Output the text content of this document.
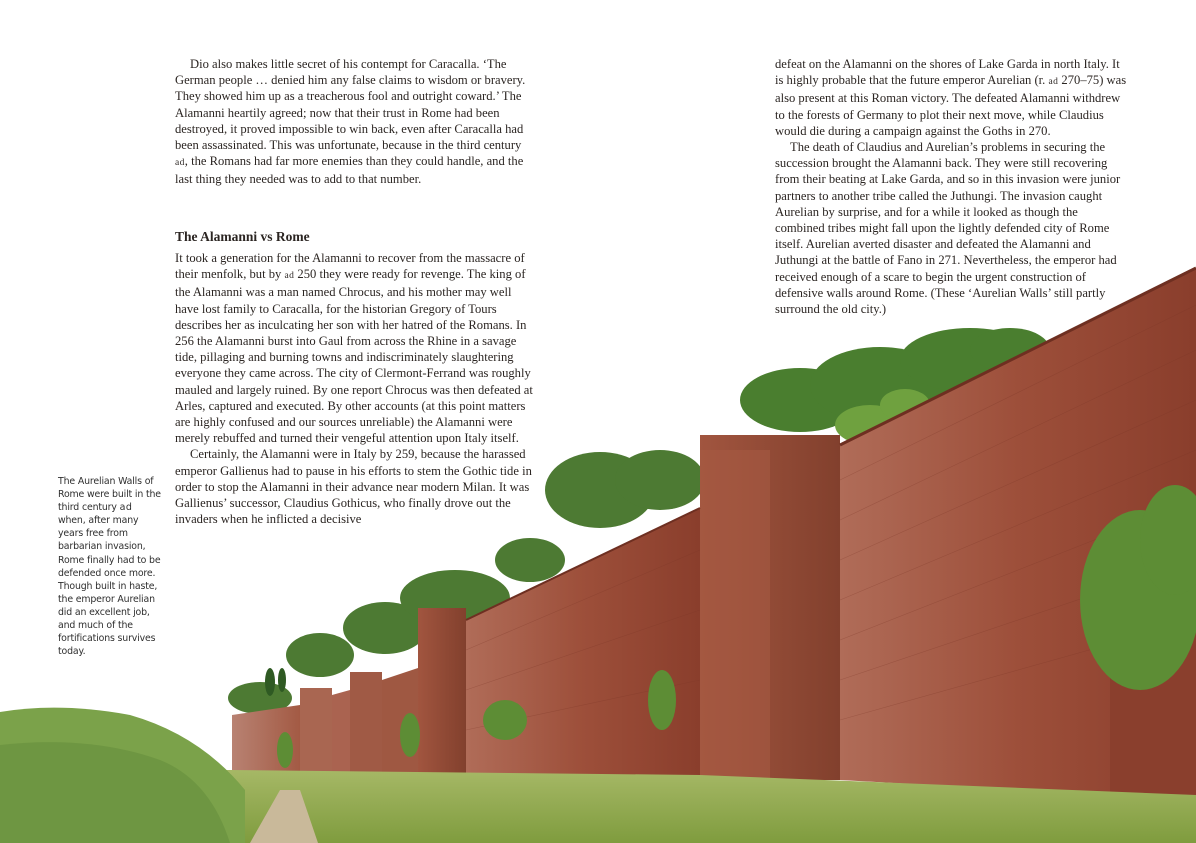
Dio also makes little secret of his contempt for Caracalla. ‘The German people … denied him any false claims to wisdom or bravery. They showed him up as a treacherous fool and outright coward.’ The Alamanni heartily agreed; now that their trust in Rome had been destroyed, it proved impossible to win back, even after Caracalla had been assassinated. This was unfortunate, because in the third century ad, the Romans had far more enemies than they could handle, and the last thing they needed was to add to that number.

The Alamanni vs Rome

It took a generation for the Alamanni to recover from the massacre of their menfolk, but by ad 250 they were ready for revenge. The king of the Alamanni was a man named Chrocus, and his mother may well have lost family to Caracalla, for the historian Gregory of Tours describes her as inculcating her son with her hatred of the Romans. In 256 the Alamanni burst into Gaul from across the Rhine in a savage tide, pillaging and burning towns and indiscriminately slaughtering everyone they came across. The city of Clermont-Ferrand was roughly mauled and largely ruined. By one report Chrocus was then defeated at Arles, captured and executed. By other accounts (at this point matters are highly confused and our sources unreliable) the Alamanni were merely rebuffed and turned their vengeful attention upon Italy itself.

Certainly, the Alamanni were in Italy by 259, because the harassed emperor Gallienus had to pause in his efforts to stem the Gothic tide in order to stop the Alamanni in their advance near modern Milan. It was Gallienus’ successor, Claudius Gothicus, who finally drove out the invaders when he inflicted a decisive

defeat on the Alamanni on the shores of Lake Garda in north Italy. It is highly probable that the future emperor Aurelian (r. ad 270–75) was also present at this Roman victory. The defeated Alamanni withdrew to the forests of Germany to plot their next move, while Claudius would die during a campaign against the Goths in 270.

The death of Claudius and Aurelian’s problems in securing the succession brought the Alamanni back. They were still recovering from their beating at Lake Garda, and so in this invasion were junior partners to another tribe called the Juthungi. The invasion caught Aurelian by surprise, and for a while it looked as though the combined tribes might fall upon the lightly defended city of Rome itself. Aurelian averted disaster and defeated the Alamanni and Juthungi at the battle of Fano in 271. Nevertheless, the emperor had received enough of a scare to begin the urgent construction of defensive walls around Rome. (These ‘Aurelian Walls’ still partly surround the old city.)

The Aurelian Walls of Rome were built in the third century ad when, after many years free from barbarian invasion, Rome finally had to be defended once more. Though built in haste, the emperor Aurelian did an excellent job, and much of the fortifications survives today.
